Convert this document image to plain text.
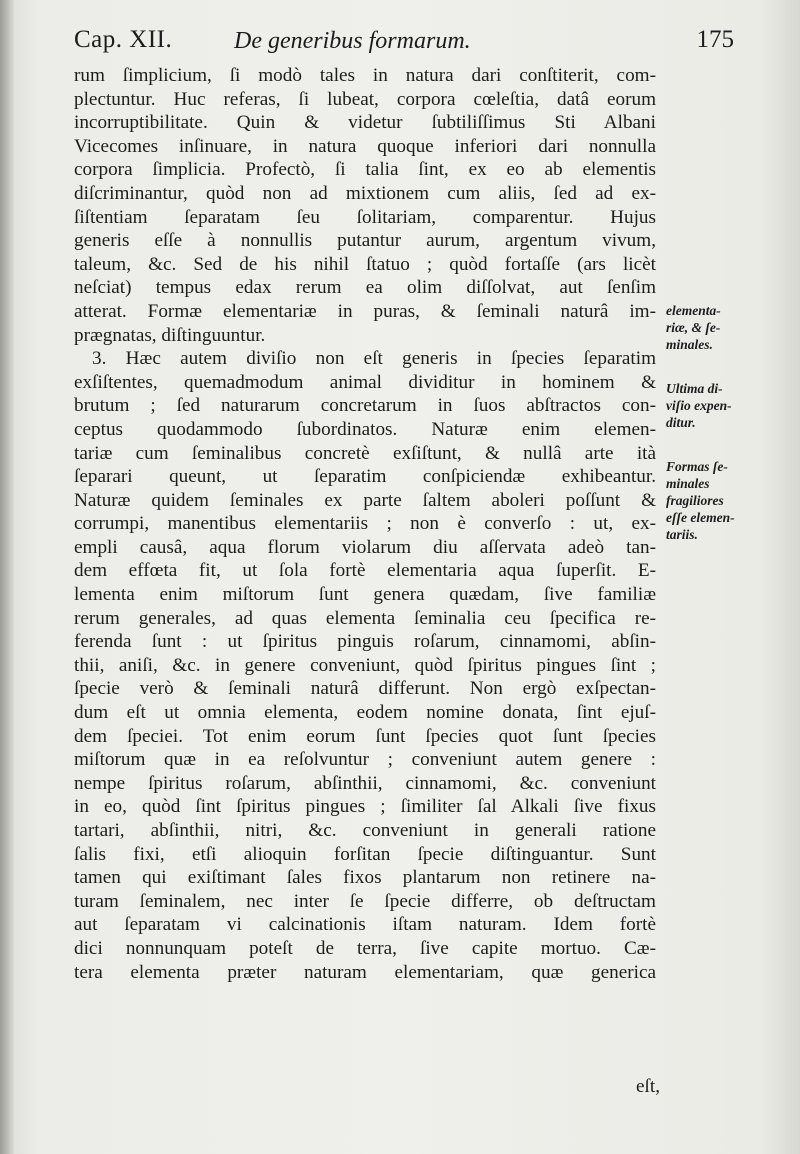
Cap. XII.	De generibus formarum.	175
rum ſimplicium, ſi modò tales in natura dari conſtiterit, com-
plectuntur. Huc referas, ſi lubeat, corpora cœleſtia, datâ eorum
incorruptibilitate. Quin & videtur ſubtiliſſimus Sti Albani
Vicecomes inſinuare, in natura quoque inferiori dari nonnulla
corpora ſimplicia. Profectò, ſi talia ſint, ex eo ab elementis
diſcriminantur, quòd non ad mixtionem cum aliis, ſed ad ex-
ſiſtentiam ſeparatam ſeu ſolitariam, comparentur. Hujus
generis eſſe à nonnullis putantur aurum, argentum vivum,
taleum, &c. Sed de his nihil ſtatuo ; quòd fortaſſe (ars licèt
neſciat) tempus edax rerum ea olim diſſolvat, aut ſenſim
atterat. Formæ elementariæ in puras, & ſeminali naturâ im-
prægnatas, diſtinguuntur.
3. Hæc autem diviſio non eſt generis in ſpecies ſeparatim
exſiſtentes, quemadmodum animal dividitur in hominem &
brutum ; ſed naturarum concretarum in ſuos abſtractos con-
ceptus quodammodo ſubordinatos. Naturæ enim elemen-
tariæ cum ſeminalibus concretè exſiſtunt, & nullâ arte ità
ſeparari queunt, ut ſeparatim conſpiciendæ exhibeantur.
Naturæ quidem ſeminales ex parte ſaltem aboleri poſſunt &
corrumpi, manentibus elementariis ; non è converſo : ut, ex-
empli causâ, aqua florum violarum diu aſſervata adeò tan-
dem effœta fit, ut ſola fortè elementaria aqua ſuperſit. E-
lementa enim miſtorum ſunt genera quædam, ſive familiæ
rerum generales, ad quas elementa ſeminalia ceu ſpecifica re-
ferenda ſunt : ut ſpiritus pinguis roſarum, cinnamomi, abſin-
thii, aniſi, &c. in genere conveniunt, quòd ſpiritus pingues ſint ;
ſpecie verò & ſeminali naturâ differunt. Non ergò exſpectan-
dum eſt ut omnia elementa, eodem nomine donata, ſint ejuſ-
dem ſpeciei. Tot enim eorum ſunt ſpecies quot ſunt ſpecies
miſtorum quæ in ea reſolvuntur ; conveniunt autem genere :
nempe ſpiritus roſarum, abſinthii, cinnamomi, &c. conveniunt
in eo, quòd ſint ſpiritus pingues ; ſimiliter ſal Alkali ſive fixus
tartari, abſinthii, nitri, &c. conveniunt in generali ratione
ſalis fixi, etſi alioquin forſitan ſpecie diſtinguantur. Sunt
tamen qui exiſtimant ſales fixos plantarum non retinere na-
turam ſeminalem, nec inter ſe ſpecie differre, ob deſtructam
aut ſeparatam vi calcinationis iſtam naturam. Idem fortè
dici nonnunquam poteſt de terra, ſive capite mortuo. Cæ-
tera elementa præter naturam elementariam, quæ generica
eſt,
elementa-
riæ, & ſe-
minales.
Ultima di-
viſio expen-
ditur.
Formas ſe-
minales
fragiliores
eſſe elemen-
tariis.
